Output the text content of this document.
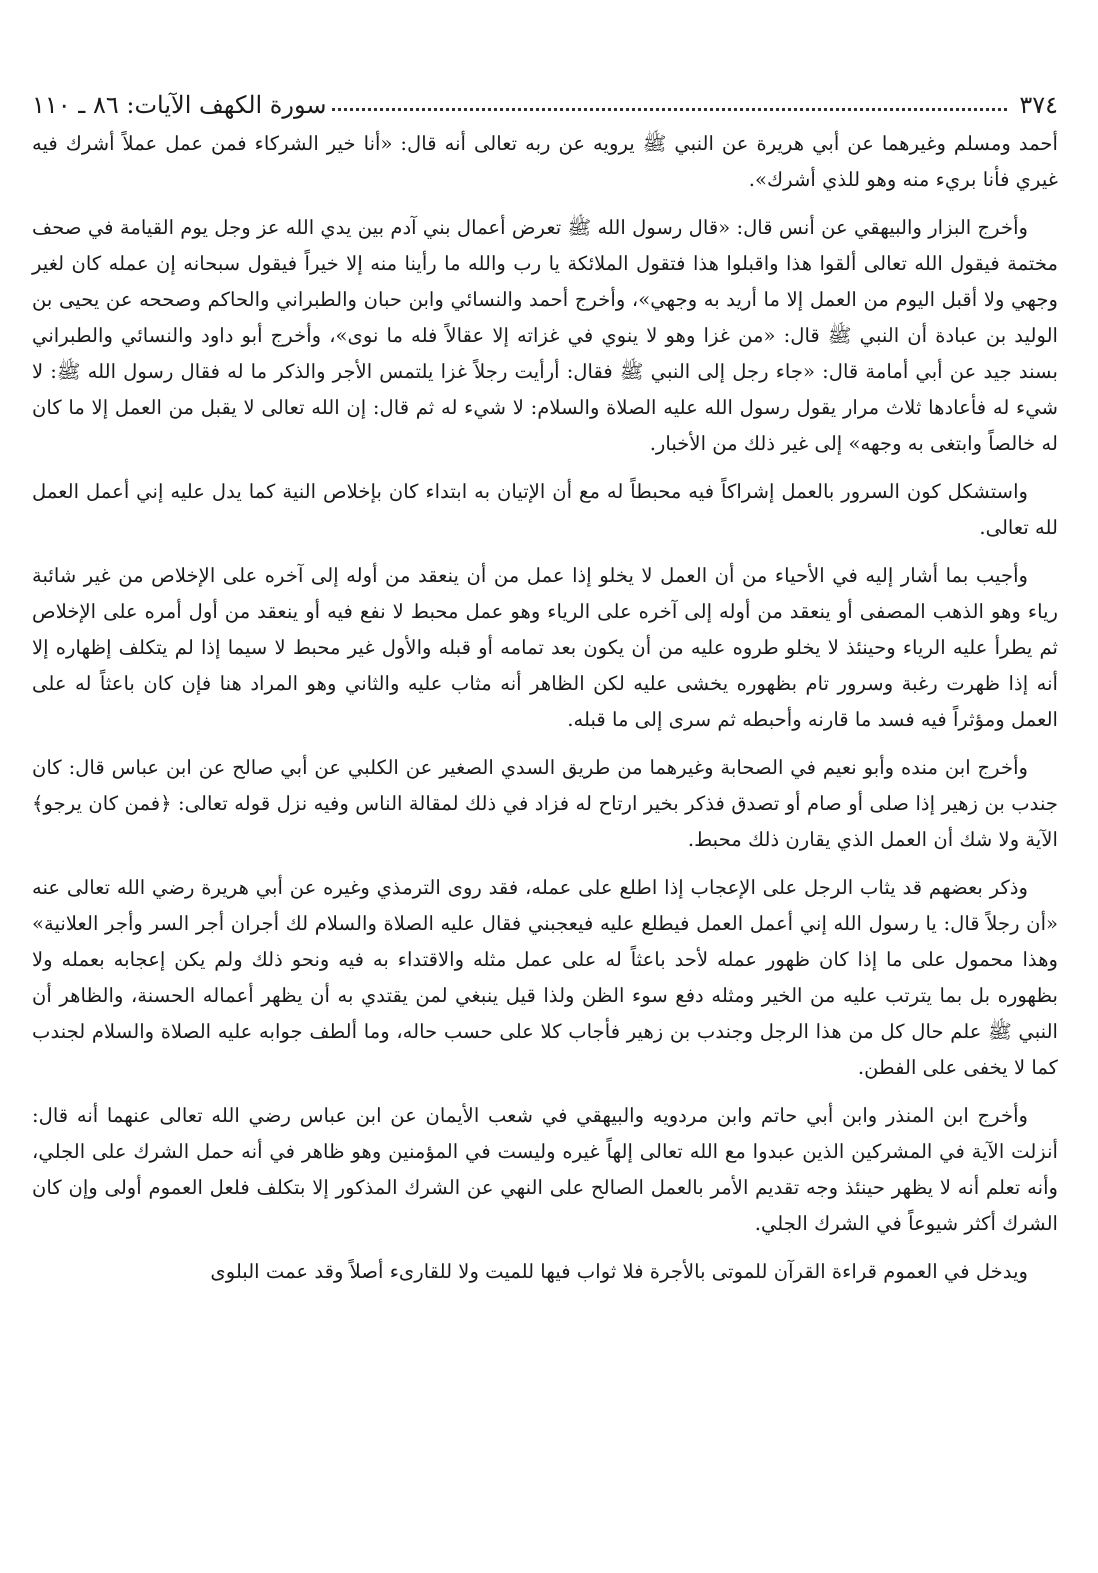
٣٧٤
سورة الكهف الآيات: ٨٦ ـ ١١٠

أحمد ومسلم وغيرهما عن أبي هريرة عن النبي ﷺ يرويه عن ربه تعالى أنه قال: «أنا خير الشركاء فمن عمل عملاً أشرك فيه غيري فأنا بريء منه وهو للذي أشرك».

وأخرج البزار والبيهقي عن أنس قال: «قال رسول الله ﷺ تعرض أعمال بني آدم بين يدي الله عز وجل يوم القيامة في صحف مختمة فيقول الله تعالى ألقوا هذا واقبلوا هذا فتقول الملائكة يا رب والله ما رأينا منه إلا خيراً فيقول سبحانه إن عمله كان لغير وجهي ولا أقبل اليوم من العمل إلا ما أريد به وجهي»، وأخرج أحمد والنسائي وابن حبان والطبراني والحاكم وصححه عن يحيى بن الوليد بن عبادة أن النبي ﷺ قال: «من غزا وهو لا ينوي في غزاته إلا عقالاً فله ما نوى»، وأخرج أبو داود والنسائي والطبراني بسند جيد عن أبي أمامة قال: «جاء رجل إلى النبي ﷺ فقال: أرأيت رجلاً غزا يلتمس الأجر والذكر ما له فقال رسول الله ﷺ: لا شيء له فأعادها ثلاث مرار يقول رسول الله عليه الصلاة والسلام: لا شيء له ثم قال: إن الله تعالى لا يقبل من العمل إلا ما كان له خالصاً وابتغى به وجهه» إلى غير ذلك من الأخبار.

واستشكل كون السرور بالعمل إشراكاً فيه محبطاً له مع أن الإتيان به ابتداء كان بإخلاص النية كما يدل عليه إني أعمل العمل لله تعالى.

وأجيب بما أشار إليه في الأحياء من أن العمل لا يخلو إذا عمل من أن ينعقد من أوله إلى آخره على الإخلاص من غير شائبة رياء وهو الذهب المصفى أو ينعقد من أوله إلى آخره على الرياء وهو عمل محبط لا نفع فيه أو ينعقد من أول أمره على الإخلاص ثم يطرأ عليه الرياء وحينئذ لا يخلو طروه عليه من أن يكون بعد تمامه أو قبله والأول غير محبط لا سيما إذا لم يتكلف إظهاره إلا أنه إذا ظهرت رغبة وسرور تام بظهوره يخشى عليه لكن الظاهر أنه مثاب عليه والثاني وهو المراد هنا فإن كان باعثاً له على العمل ومؤثراً فيه فسد ما قارنه وأحبطه ثم سرى إلى ما قبله.

وأخرج ابن منده وأبو نعيم في الصحابة وغيرهما من طريق السدي الصغير عن الكلبي عن أبي صالح عن ابن عباس قال: كان جندب بن زهير إذا صلى أو صام أو تصدق فذكر بخير ارتاح له فزاد في ذلك لمقالة الناس وفيه نزل قوله تعالى: ﴿فمن كان يرجو﴾ الآية ولا شك أن العمل الذي يقارن ذلك محبط.

وذكر بعضهم قد يثاب الرجل على الإعجاب إذا اطلع على عمله، فقد روى الترمذي وغيره عن أبي هريرة رضي الله تعالى عنه «أن رجلاً قال: يا رسول الله إني أعمل العمل فيطلع عليه فيعجبني فقال عليه الصلاة والسلام لك أجران أجر السر وأجر العلانية» وهذا محمول على ما إذا كان ظهور عمله لأحد باعثاً له على عمل مثله والاقتداء به فيه ونحو ذلك ولم يكن إعجابه بعمله ولا بظهوره بل بما يترتب عليه من الخير ومثله دفع سوء الظن ولذا قيل ينبغي لمن يقتدي به أن يظهر أعماله الحسنة، والظاهر أن النبي ﷺ علم حال كل من هذا الرجل وجندب بن زهير فأجاب كلا على حسب حاله، وما ألطف جوابه عليه الصلاة والسلام لجندب كما لا يخفى على الفطن.

وأخرج ابن المنذر وابن أبي حاتم وابن مردويه والبيهقي في شعب الأيمان عن ابن عباس رضي الله تعالى عنهما أنه قال: أنزلت الآية في المشركين الذين عبدوا مع الله تعالى إلهاً غيره وليست في المؤمنين وهو ظاهر في أنه حمل الشرك على الجلي، وأنه تعلم أنه لا يظهر حينئذ وجه تقديم الأمر بالعمل الصالح على النهي عن الشرك المذكور إلا بتكلف فلعل العموم أولى وإن كان الشرك أكثر شيوعاً في الشرك الجلي.

ويدخل في العموم قراءة القرآن للموتى بالأجرة فلا ثواب فيها للميت ولا للقارىء أصلاً وقد عمت البلوى
